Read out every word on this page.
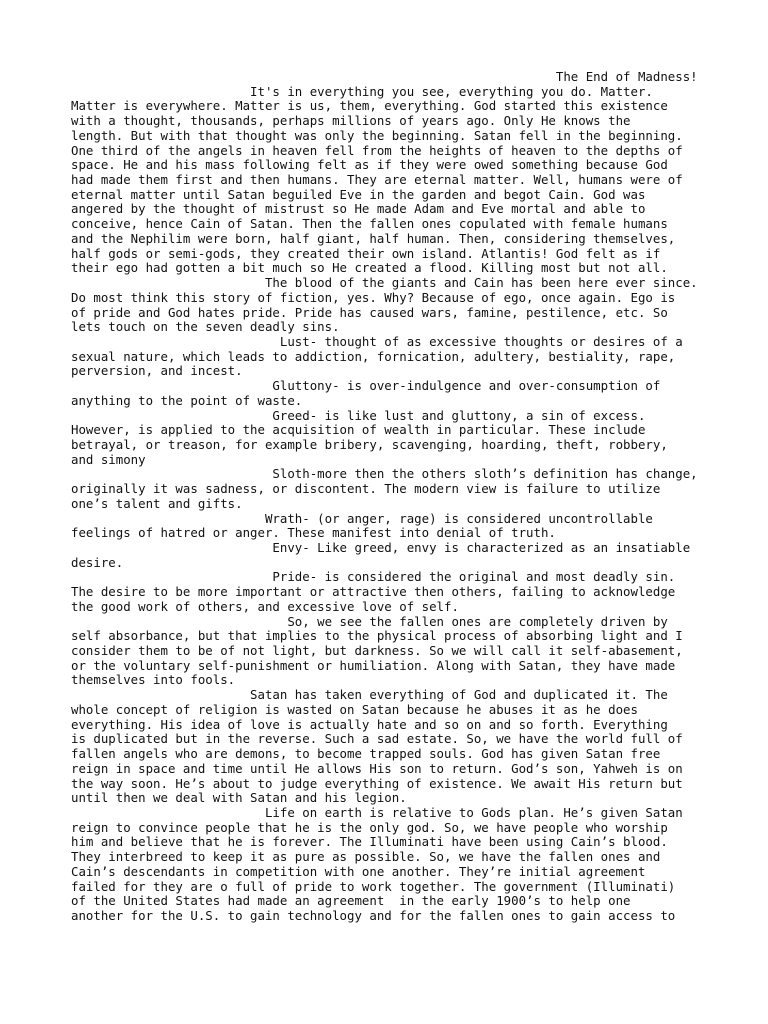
The End of Madness!
It's in everything you see, everything you do. Matter.
Matter is everywhere. Matter is us, them, everything. God started this existence
with a thought, thousands, perhaps millions of years ago. Only He knows the
length. But with that thought was only the beginning. Satan fell in the beginning.
One third of the angels in heaven fell from the heights of heaven to the depths of
space. He and his mass following felt as if they were owed something because God
had made them first and then humans. They are eternal matter. Well, humans were of
eternal matter until Satan beguiled Eve in the garden and begot Cain. God was
angered by the thought of mistrust so He made Adam and Eve mortal and able to
conceive, hence Cain of Satan. Then the fallen ones copulated with female humans
and the Nephilim were born, half giant, half human. Then, considering themselves,
half gods or semi-gods, they created their own island. Atlantis! God felt as if
their ego had gotten a bit much so He created a flood. Killing most but not all.
The blood of the giants and Cain has been here ever since.
Do most think this story of fiction, yes. Why? Because of ego, once again. Ego is
of pride and God hates pride. Pride has caused wars, famine, pestilence, etc. So
lets touch on the seven deadly sins.
Lust- thought of as excessive thoughts or desires of a
sexual nature, which leads to addiction, fornication, adultery, bestiality, rape,
perversion, and incest.
Gluttony- is over-indulgence and over-consumption of
anything to the point of waste.
Greed- is like lust and gluttony, a sin of excess.
However, is applied to the acquisition of wealth in particular. These include
betrayal, or treason, for example bribery, scavenging, hoarding, theft, robbery,
and simony
Sloth-more then the others sloth’s definition has change,
originally it was sadness, or discontent. The modern view is failure to utilize
one’s talent and gifts.
Wrath- (or anger, rage) is considered uncontrollable
feelings of hatred or anger. These manifest into denial of truth.
Envy- Like greed, envy is characterized as an insatiable
desire.
Pride- is considered the original and most deadly sin.
The desire to be more important or attractive then others, failing to acknowledge
the good work of others, and excessive love of self.
So, we see the fallen ones are completely driven by
self absorbance, but that implies to the physical process of absorbing light and I
consider them to be of not light, but darkness. So we will call it self-abasement,
or the voluntary self-punishment or humiliation. Along with Satan, they have made
themselves into fools.
Satan has taken everything of God and duplicated it. The
whole concept of religion is wasted on Satan because he abuses it as he does
everything. His idea of love is actually hate and so on and so forth. Everything
is duplicated but in the reverse. Such a sad estate. So, we have the world full of
fallen angels who are demons, to become trapped souls. God has given Satan free
reign in space and time until He allows His son to return. God’s son, Yahweh is on
the way soon. He’s about to judge everything of existence. We await His return but
until then we deal with Satan and his legion.
Life on earth is relative to Gods plan. He’s given Satan
reign to convince people that he is the only god. So, we have people who worship
him and believe that he is forever. The Illuminati have been using Cain’s blood.
They interbreed to keep it as pure as possible. So, we have the fallen ones and
Cain’s descendants in competition with one another. They’re initial agreement
failed for they are o full of pride to work together. The government (Illuminati)
of the United States had made an agreement  in the early 1900’s to help one
another for the U.S. to gain technology and for the fallen ones to gain access to
